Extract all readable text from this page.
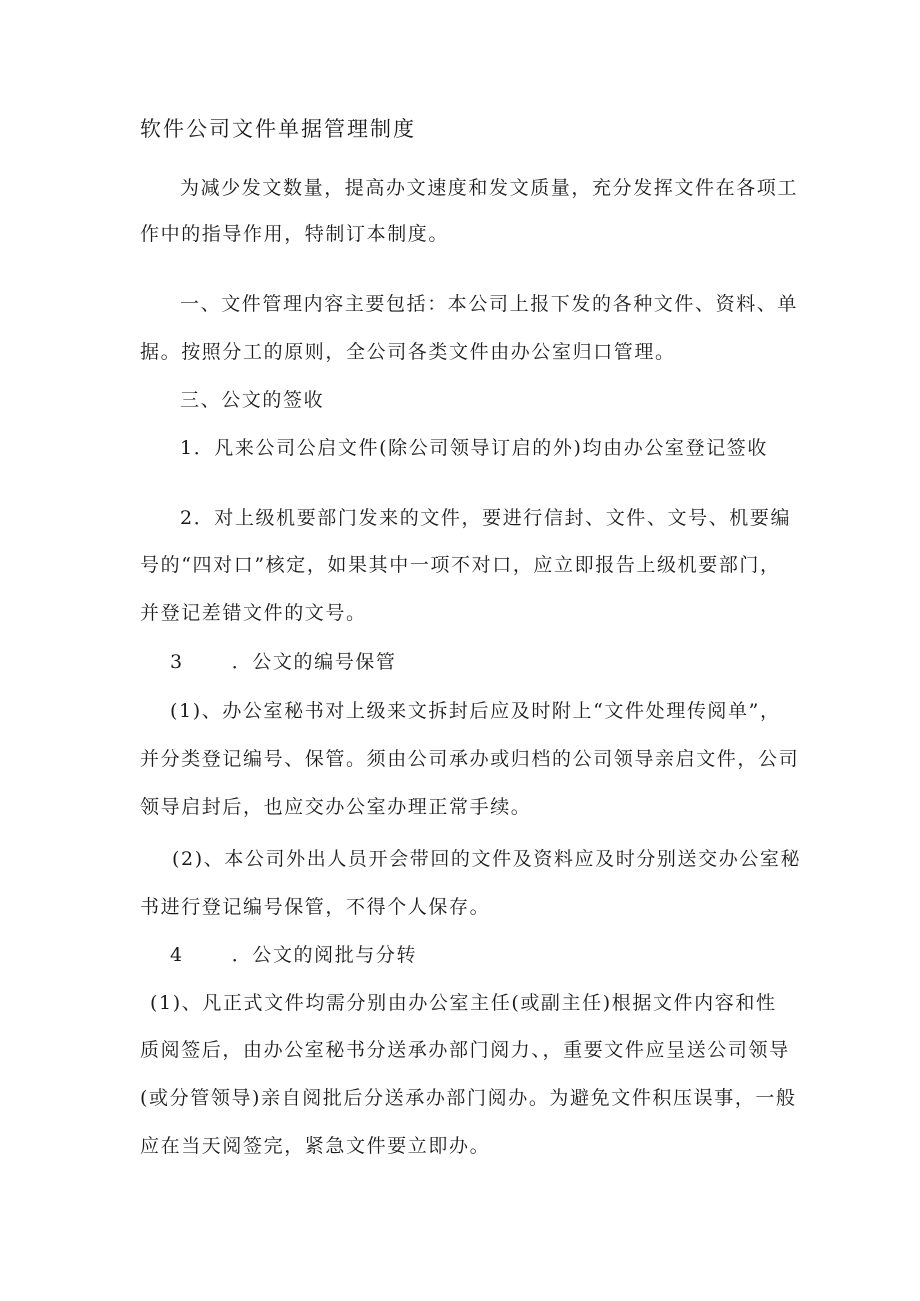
软件公司文件单据管理制度
为减少发文数量，提高办文速度和发文质量，充分发挥文件在各项工
作中的指导作用，特制订本制度。
一、文件管理内容主要包括：本公司上报下发的各种文件、资料、单
据。按照分工的原则，全公司各类文件由办公室归口管理。
三、公文的签收
1．凡来公司公启文件(除公司领导订启的外)均由办公室登记签收
2．对上级机要部门发来的文件，要进行信封、文件、文号、机要编
号的“四对口”核定，如果其中一项不对口，应立即报告上级机要部门，
并登记差错文件的文号。
3	．公文的编号保管
(1)、办公室秘书对上级来文拆封后应及时附上“文件处理传阅单”，
并分类登记编号、保管。须由公司承办或归档的公司领导亲启文件，公司
领导启封后，也应交办公室办理正常手续。
(2)、本公司外出人员开会带回的文件及资料应及时分别送交办公室秘
书进行登记编号保管，不得个人保存。
4	．公文的阅批与分转
(1)、凡正式文件均需分别由办公室主任(或副主任)根据文件内容和性
质阅签后，由办公室秘书分送承办部门阅力、，重要文件应呈送公司领导
(或分管领导)亲自阅批后分送承办部门阅办。为避免文件积压误事，一般
应在当天阅签完，紧急文件要立即办。
